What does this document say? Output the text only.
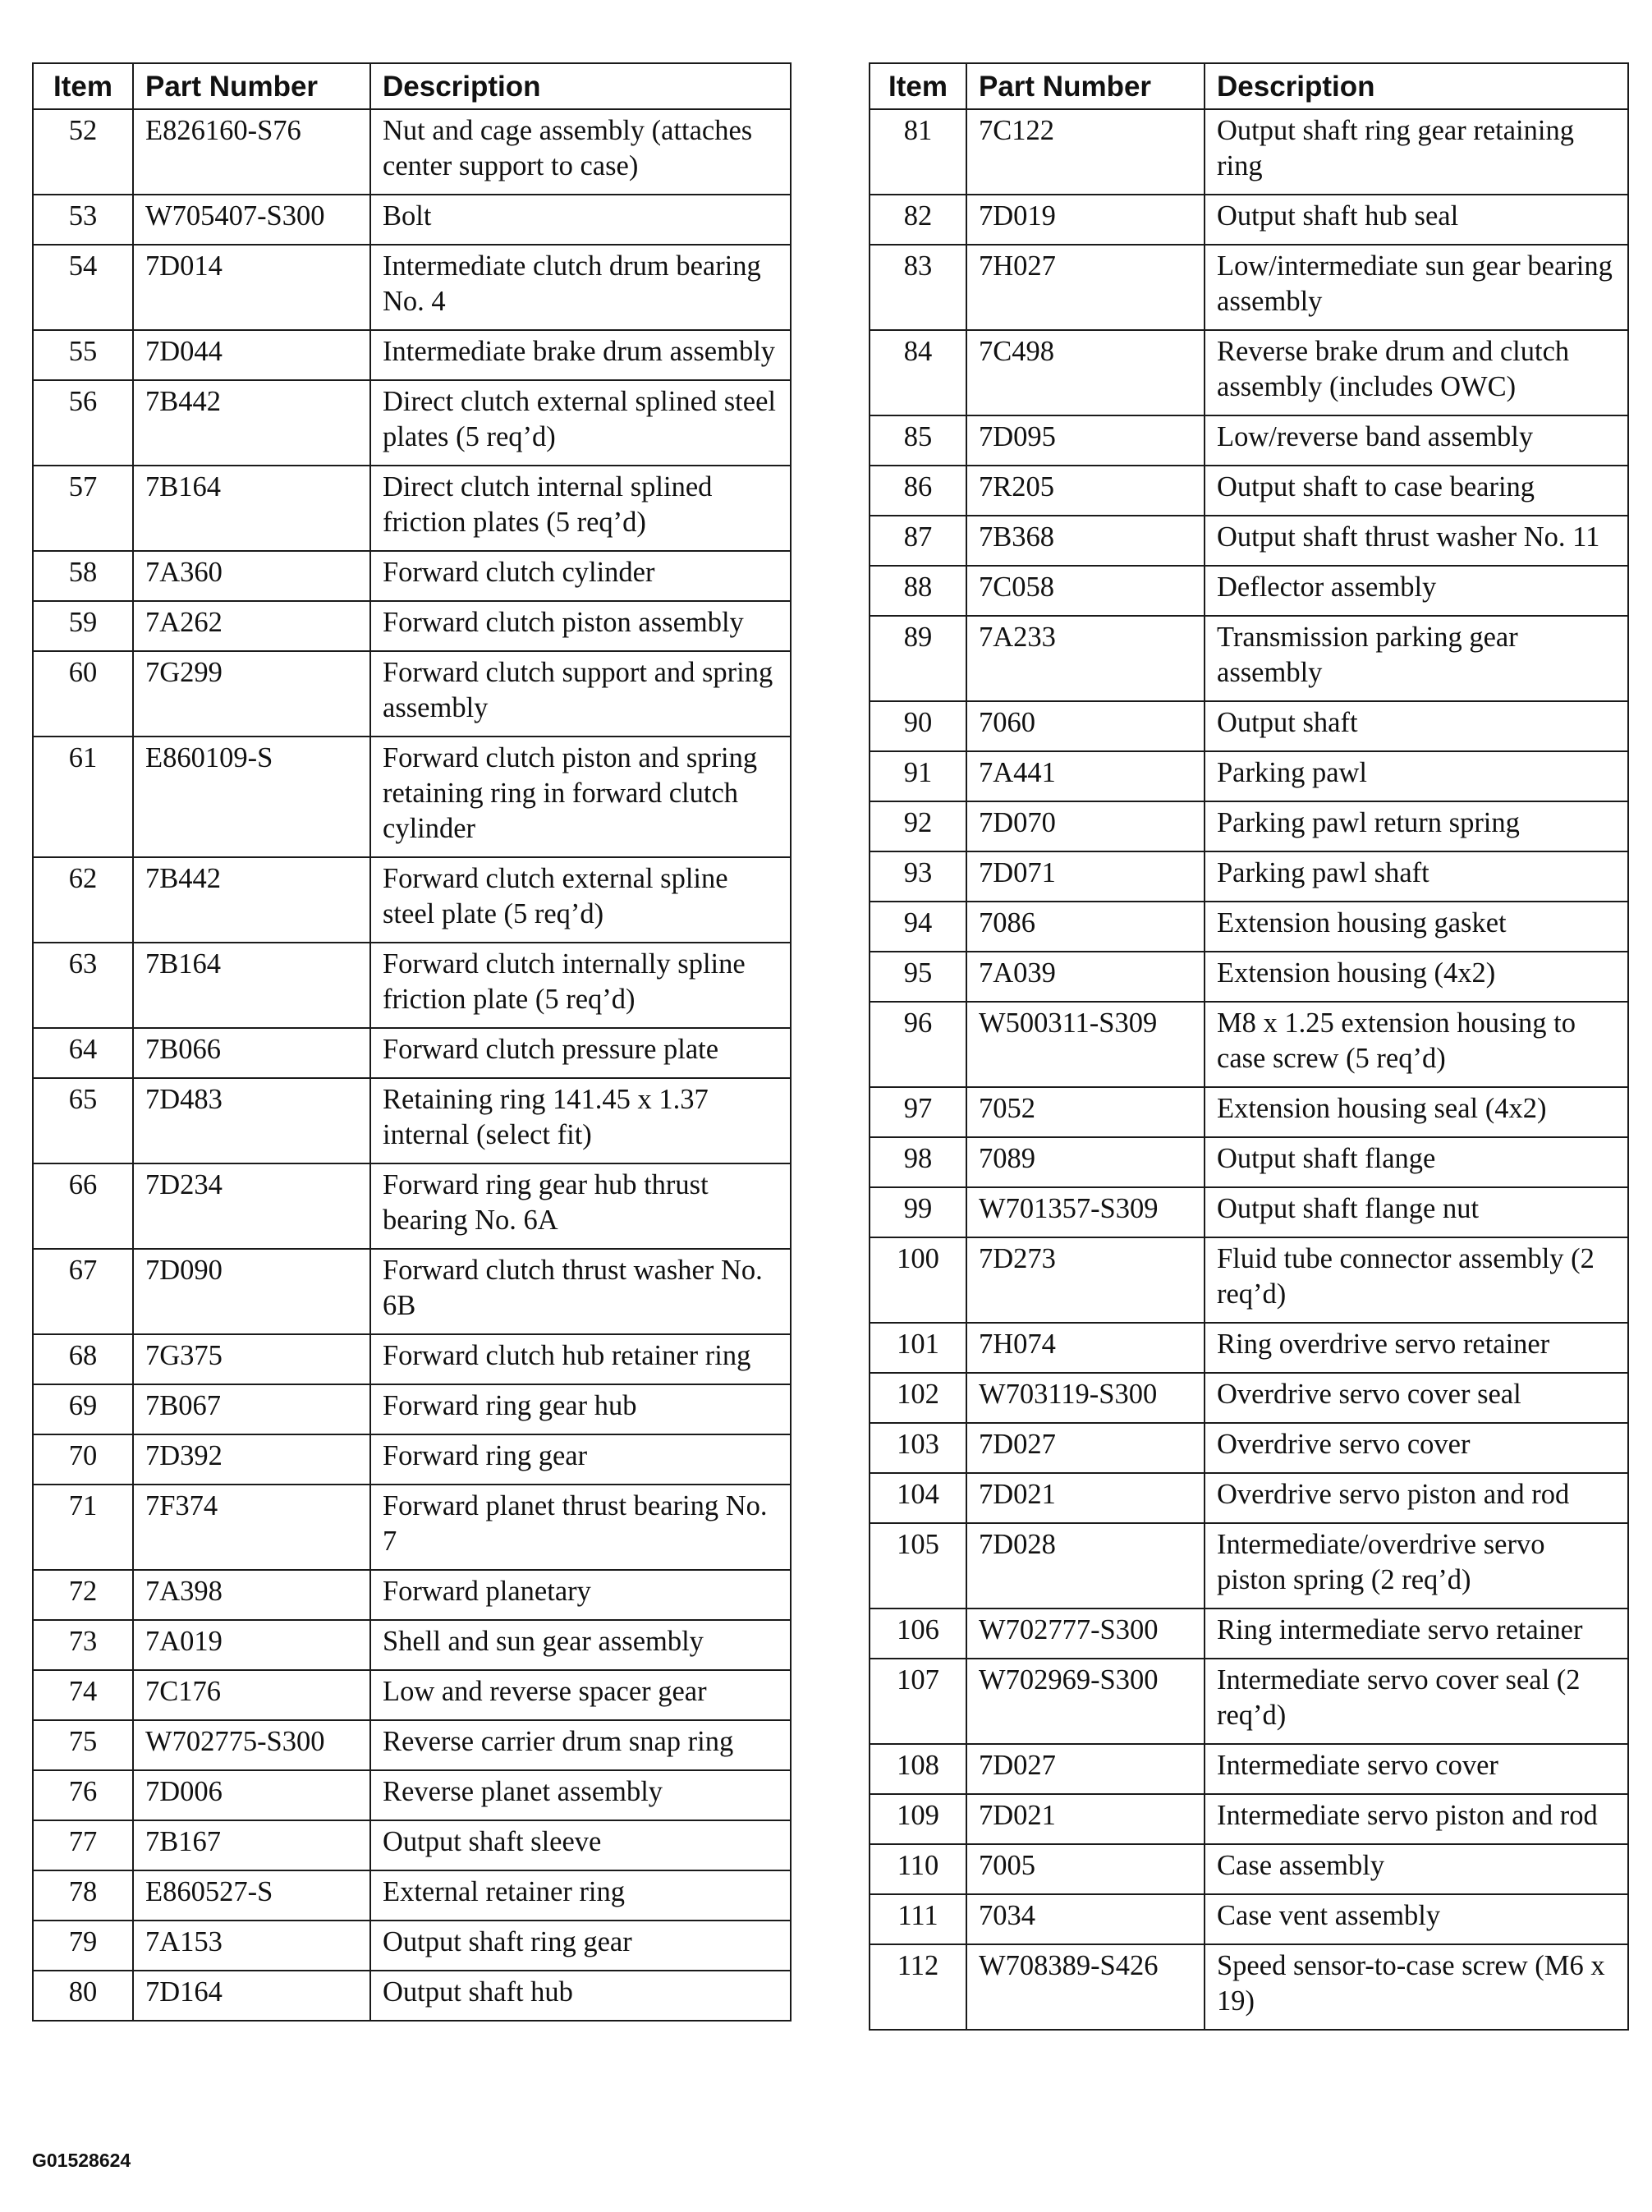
Item	Part Number	Description
52	E826160-S76	Nut and cage assembly (attaches center support to case)
53	W705407-S300	Bolt
54	7D014	Intermediate clutch drum bearing No. 4
55	7D044	Intermediate brake drum assembly
56	7B442	Direct clutch external splined steel plates (5 req’d)
57	7B164	Direct clutch internal splined friction plates (5 req’d)
58	7A360	Forward clutch cylinder
59	7A262	Forward clutch piston assembly
60	7G299	Forward clutch support and spring assembly
61	E860109-S	Forward clutch piston and spring retaining ring in forward clutch cylinder
62	7B442	Forward clutch external spline steel plate (5 req’d)
63	7B164	Forward clutch internally spline friction plate (5 req’d)
64	7B066	Forward clutch pressure plate
65	7D483	Retaining ring 141.45 x 1.37 internal (select fit)
66	7D234	Forward ring gear hub thrust bearing No. 6A
67	7D090	Forward clutch thrust washer No. 6B
68	7G375	Forward clutch hub retainer ring
69	7B067	Forward ring gear hub
70	7D392	Forward ring gear
71	7F374	Forward planet thrust bearing No. 7
72	7A398	Forward planetary
73	7A019	Shell and sun gear assembly
74	7C176	Low and reverse spacer gear
75	W702775-S300	Reverse carrier drum snap ring
76	7D006	Reverse planet assembly
77	7B167	Output shaft sleeve
78	E860527-S	External retainer ring
79	7A153	Output shaft ring gear
80	7D164	Output shaft hub
Item	Part Number	Description
81	7C122	Output shaft ring gear retaining ring
82	7D019	Output shaft hub seal
83	7H027	Low/intermediate sun gear bearing assembly
84	7C498	Reverse brake drum and clutch assembly (includes OWC)
85	7D095	Low/reverse band assembly
86	7R205	Output shaft to case bearing
87	7B368	Output shaft thrust washer No. 11
88	7C058	Deflector assembly
89	7A233	Transmission parking gear assembly
90	7060	Output shaft
91	7A441	Parking pawl
92	7D070	Parking pawl return spring
93	7D071	Parking pawl shaft
94	7086	Extension housing gasket
95	7A039	Extension housing (4x2)
96	W500311-S309	M8 x 1.25 extension housing to case screw (5 req’d)
97	7052	Extension housing seal (4x2)
98	7089	Output shaft flange
99	W701357-S309	Output shaft flange nut
100	7D273	Fluid tube connector assembly (2 req’d)
101	7H074	Ring overdrive servo retainer
102	W703119-S300	Overdrive servo cover seal
103	7D027	Overdrive servo cover
104	7D021	Overdrive servo piston and rod
105	7D028	Intermediate/overdrive servo piston spring (2 req’d)
106	W702777-S300	Ring intermediate servo retainer
107	W702969-S300	Intermediate servo cover seal (2 req’d)
108	7D027	Intermediate servo cover
109	7D021	Intermediate servo piston and rod
110	7005	Case assembly
111	7034	Case vent assembly
112	W708389-S426	Speed sensor-to-case screw (M6 x 19)
G01528624
